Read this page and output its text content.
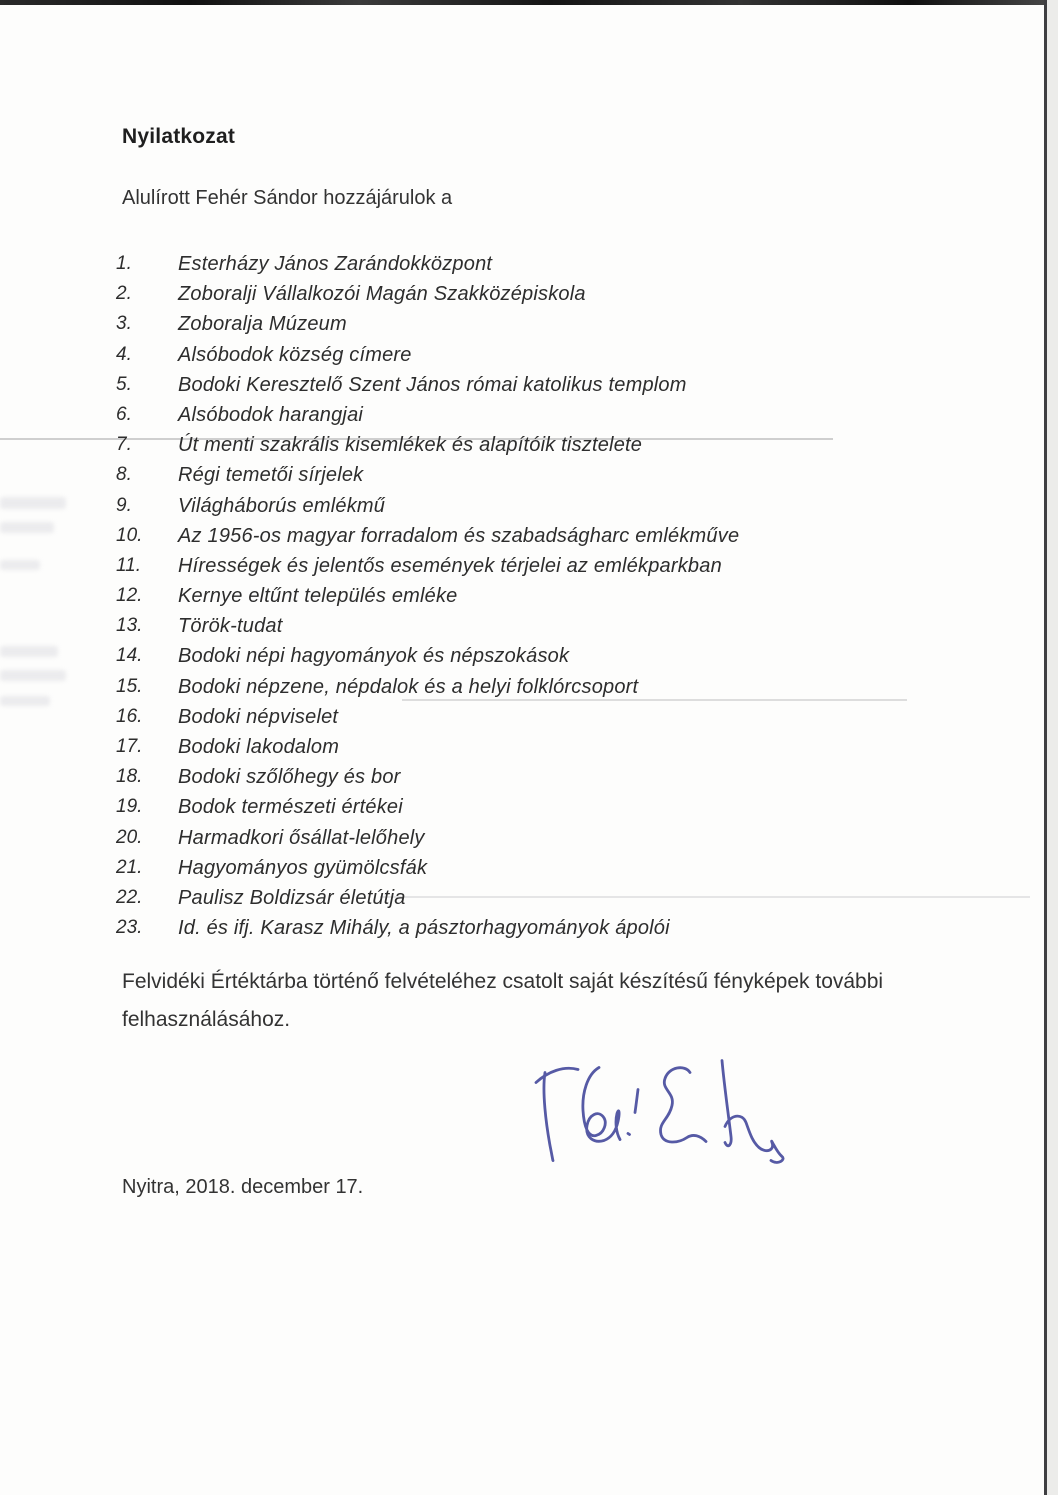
Nyilatkozat
Alulírott Fehér Sándor hozzájárulok a
1.	Esterházy János Zarándokközpont
2.	Zoboralji Vállalkozói Magán Szakközépiskola
3.	Zoboralja Múzeum
4.	Alsóbodok község címere
5.	Bodoki Keresztelő Szent János római katolikus templom
6.	Alsóbodok harangjai
7.	Út menti szakrális kisemlékek és alapítóik tisztelete
8.	Régi temetői sírjelek
9.	Világháborús emlékmű
10.	Az 1956-os magyar forradalom és szabadságharc emlékműve
11.	Hírességek és jelentős események térjelei az emlékparkban
12.	Kernye eltűnt település emléke
13.	Török-tudat
14.	Bodoki népi hagyományok és népszokások
15.	Bodoki népzene, népdalok és a helyi folklórcsoport
16.	Bodoki népviselet
17.	Bodoki lakodalom
18.	Bodoki szőlőhegy és bor
19.	Bodok természeti értékei
20.	Harmadkori ősállat-lelőhely
21.	Hagyományos gyümölcsfák
22.	Paulisz Boldizsár életútja
23.	Id. és ifj. Karasz Mihály, a pásztorhagyományok ápolói
Felvidéki Értéktárba történő felvételéhez csatolt saját készítésű fényképek további felhasználásához.
Nyitra, 2018. december 17.
